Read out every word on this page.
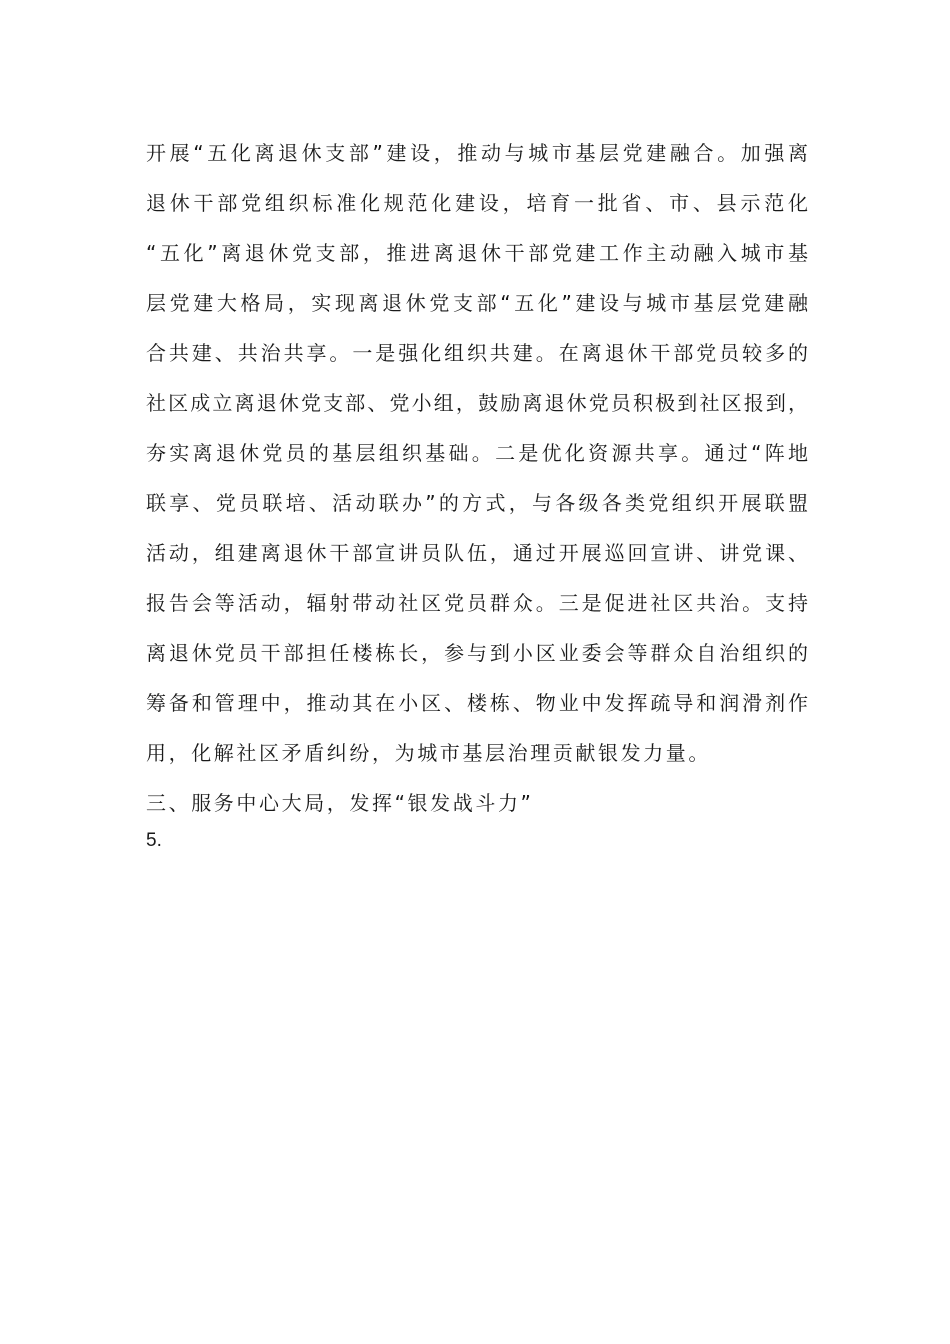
开展“五化离退休支部”建设，推动与城市基层党建融合。加强离
退休干部党组织标准化规范化建设，培育一批省、市、县示范化
“五化”离退休党支部，推进离退休干部党建工作主动融入城市基
层党建大格局，实现离退休党支部“五化”建设与城市基层党建融
合共建、共治共享。一是强化组织共建。在离退休干部党员较多的
社区成立离退休党支部、党小组，鼓励离退休党员积极到社区报到，
夯实离退休党员的基层组织基础。二是优化资源共享。通过“阵地
联享、党员联培、活动联办”的方式，与各级各类党组织开展联盟
活动，组建离退休干部宣讲员队伍，通过开展巡回宣讲、讲党课、
报告会等活动，辐射带动社区党员群众。三是促进社区共治。支持
离退休党员干部担任楼栋长，参与到小区业委会等群众自治组织的
筹备和管理中，推动其在小区、楼栋、物业中发挥疏导和润滑剂作
用，化解社区矛盾纠纷，为城市基层治理贡献银发力量。
三、服务中心大局，发挥“银发战斗力”
5.
